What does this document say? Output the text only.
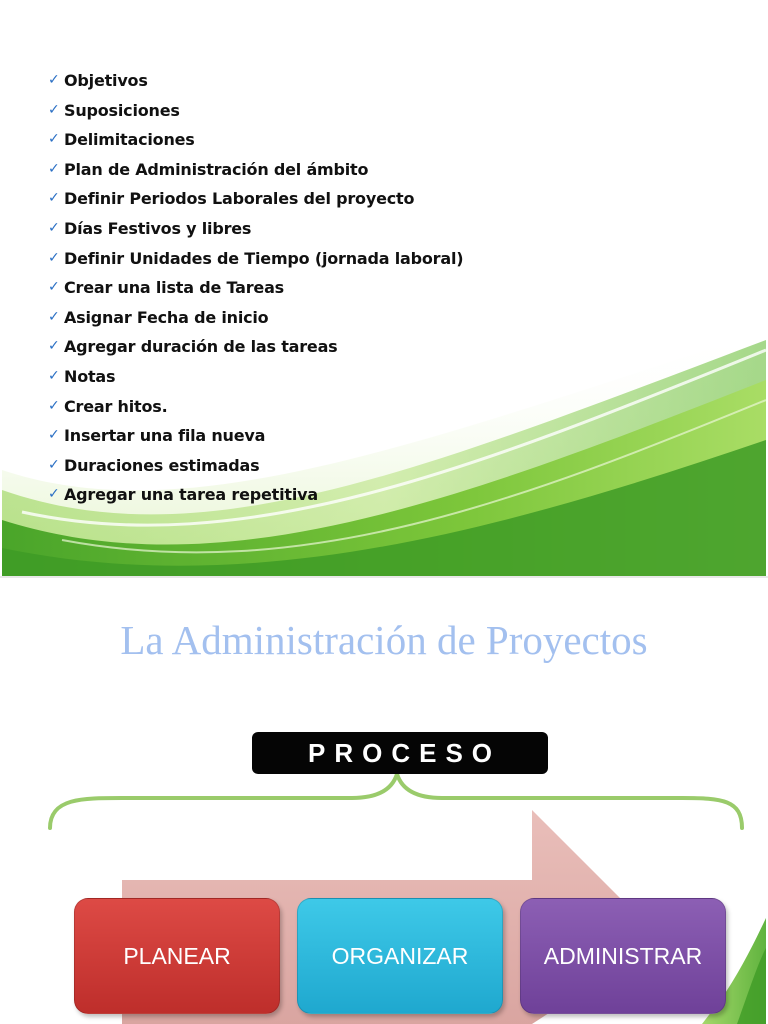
✓ Objetivos
✓ Suposiciones
✓ Delimitaciones
✓ Plan de Administración del ámbito
✓ Definir Periodos Laborales del proyecto
✓ Días Festivos y libres
✓ Definir Unidades de Tiempo (jornada laboral)
✓ Crear una lista de Tareas
✓ Asignar Fecha de inicio
✓ Agregar duración de las tareas
✓ Notas
✓ Crear hitos.
✓ Insertar una fila nueva
✓ Duraciones estimadas
✓ Agregar una tarea repetitiva
La Administración de Proyectos
PROCESO
PLANEAR	ORGANIZAR	ADMINISTRAR
